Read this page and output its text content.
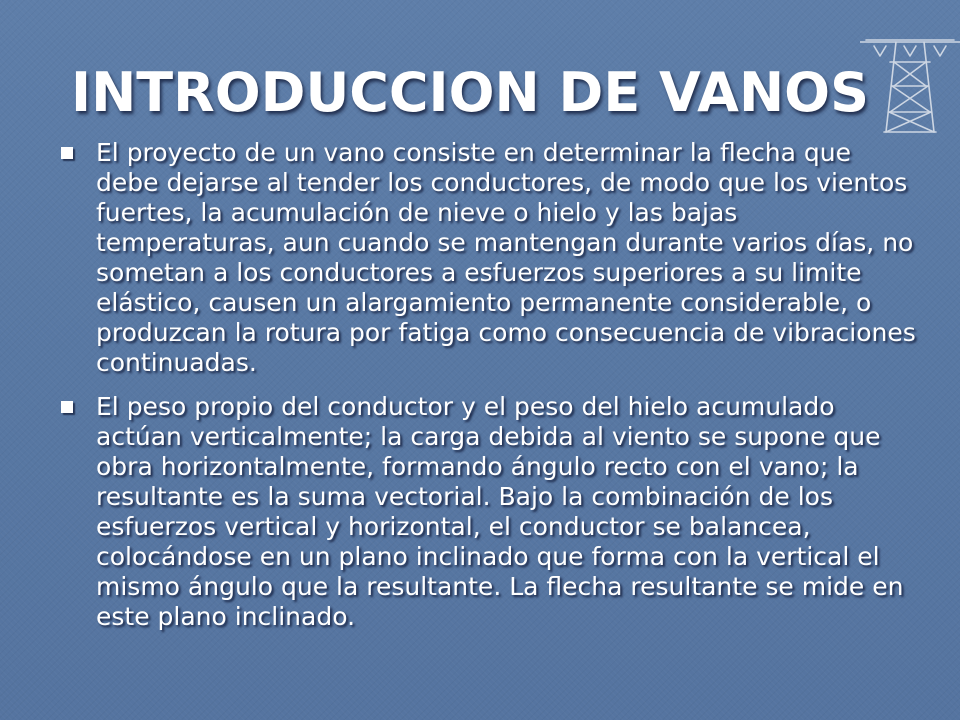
INTRODUCCION DE VANOS
El proyecto de un vano consiste en determinar la flecha que debe dejarse al tender los conductores, de modo que los vientos fuertes, la acumulación de nieve o hielo y las bajas temperaturas, aun cuando se mantengan durante varios días, no sometan a los conductores a esfuerzos superiores a su limite elástico, causen un alargamiento permanente considerable, o produzcan la rotura por fatiga como consecuencia de vibraciones continuadas.
El peso propio del conductor y el peso del hielo acumulado actúan verticalmente; la carga debida al viento se supone que obra horizontalmente, formando ángulo recto con el vano; la resultante es la suma vectorial. Bajo la combinación de los esfuerzos vertical y horizontal, el conductor se balancea, colocándose en un plano inclinado que forma con la vertical el mismo ángulo que la resultante. La flecha resultante se mide en este plano inclinado.
